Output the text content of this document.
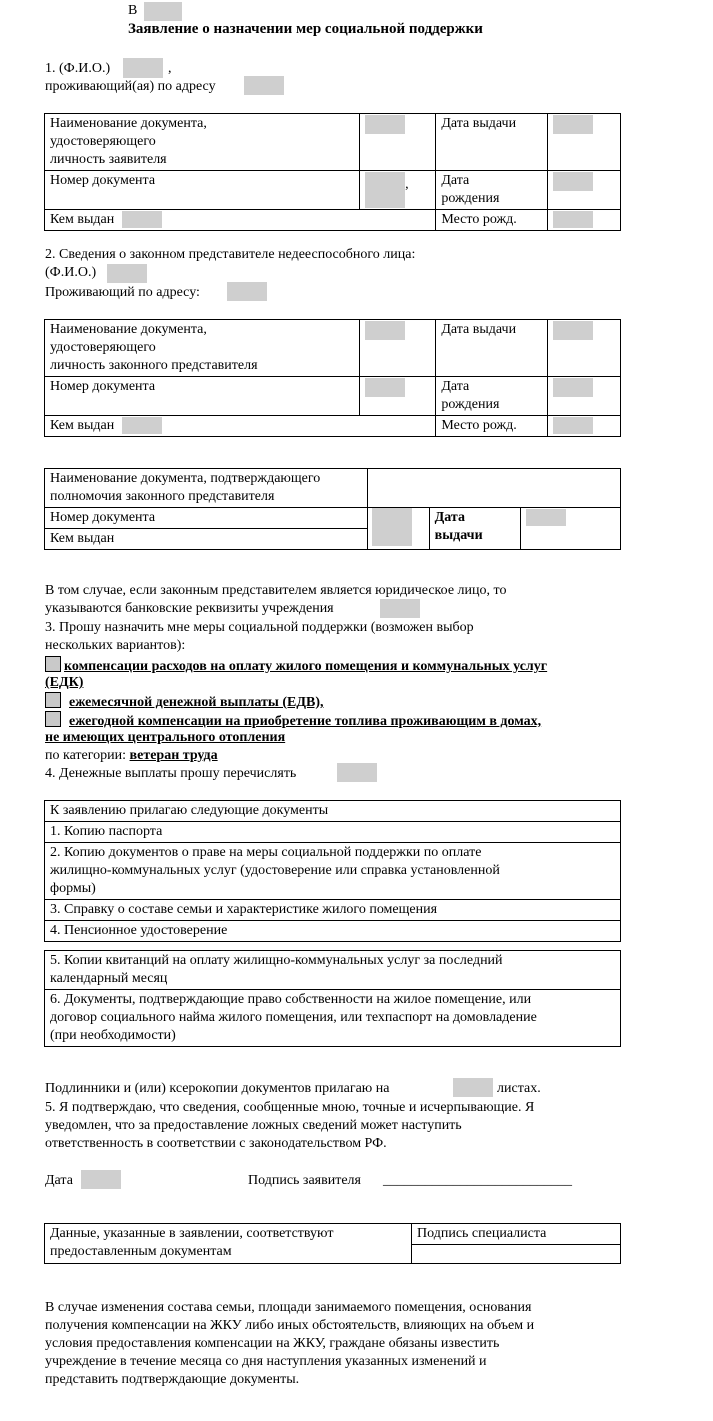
В
Заявление о назначении мер социальной поддержки
1. (Ф.И.О.)	,
проживающий(ая) по адресу
Наименование документа,
удостоверяющего
личность заявителя		Дата выдачи	
Номер документа	,	Дата
рождения	

Кем выдан		Место рожд.	
2. Сведения о законном представителе недееспособного лица:
(Ф.И.О.)
Проживающий по адресу:
Наименование документа,
удостоверяющего
личность законного представителя		Дата выдачи	
Номер документа		Дата
рождения	

Кем выдан		Место рожд.	
Наименование документа, подтверждающего
полномочия законного представителя			

Номер документа		Дата
выдачи	

Кем выдан			
В том случае, если законным представителем является юридическое лицо, то
указываются банковские реквизиты учреждения
3. Прошу назначить мне меры социальной поддержки (возможен выбор
нескольких вариантов):
компенсации расходов на оплату жилого помещения и коммунальных услуг
(ЕДК)
ежемесячной денежной выплаты (ЕДВ),
ежегодной компенсации на приобретение топлива проживающим в домах,
не имеющих центрального отопления
по категории: ветеран труда
4. Денежные выплаты прошу перечислять
К заявлению прилагаю следующие документы
1. Копию паспорта

2. Копию документов о праве на меры социальной поддержки по оплате
жилищно-коммунальных услуг (удостоверение или справка установленной
формы)

3. Справку о составе семьи и характеристике жилого помещения
4. Пенсионное удостоверение
5. Копии квитанций на оплату жилищно-коммунальных услуг за последний
календарный месяц

6. Документы, подтверждающие право собственности на жилое помещение, или
договор социального найма жилого помещения, или техпаспорт на домовладение
(при необходимости)
Подлинники и (или) ксерокопии документов прилагаю на	листах.
5. Я подтверждаю, что сведения, сообщенные мною, точные и исчерпывающие. Я
уведомлен, что за предоставление ложных сведений может наступить
ответственность в соответствии с законодательством РФ.
Дата	Подпись заявителя ___________________________
Данные, указанные в заявлении, соответствуют
предоставленным документам
	Подпись специалиста

В случае изменения состава семьи, площади занимаемого помещения, основания
получения компенсации на ЖКУ либо иных обстоятельств, влияющих на объем и
условия предоставления компенсации на ЖКУ, граждане обязаны известить
учреждение в течение месяца со дня наступления указанных изменений и
представить подтверждающие документы.
